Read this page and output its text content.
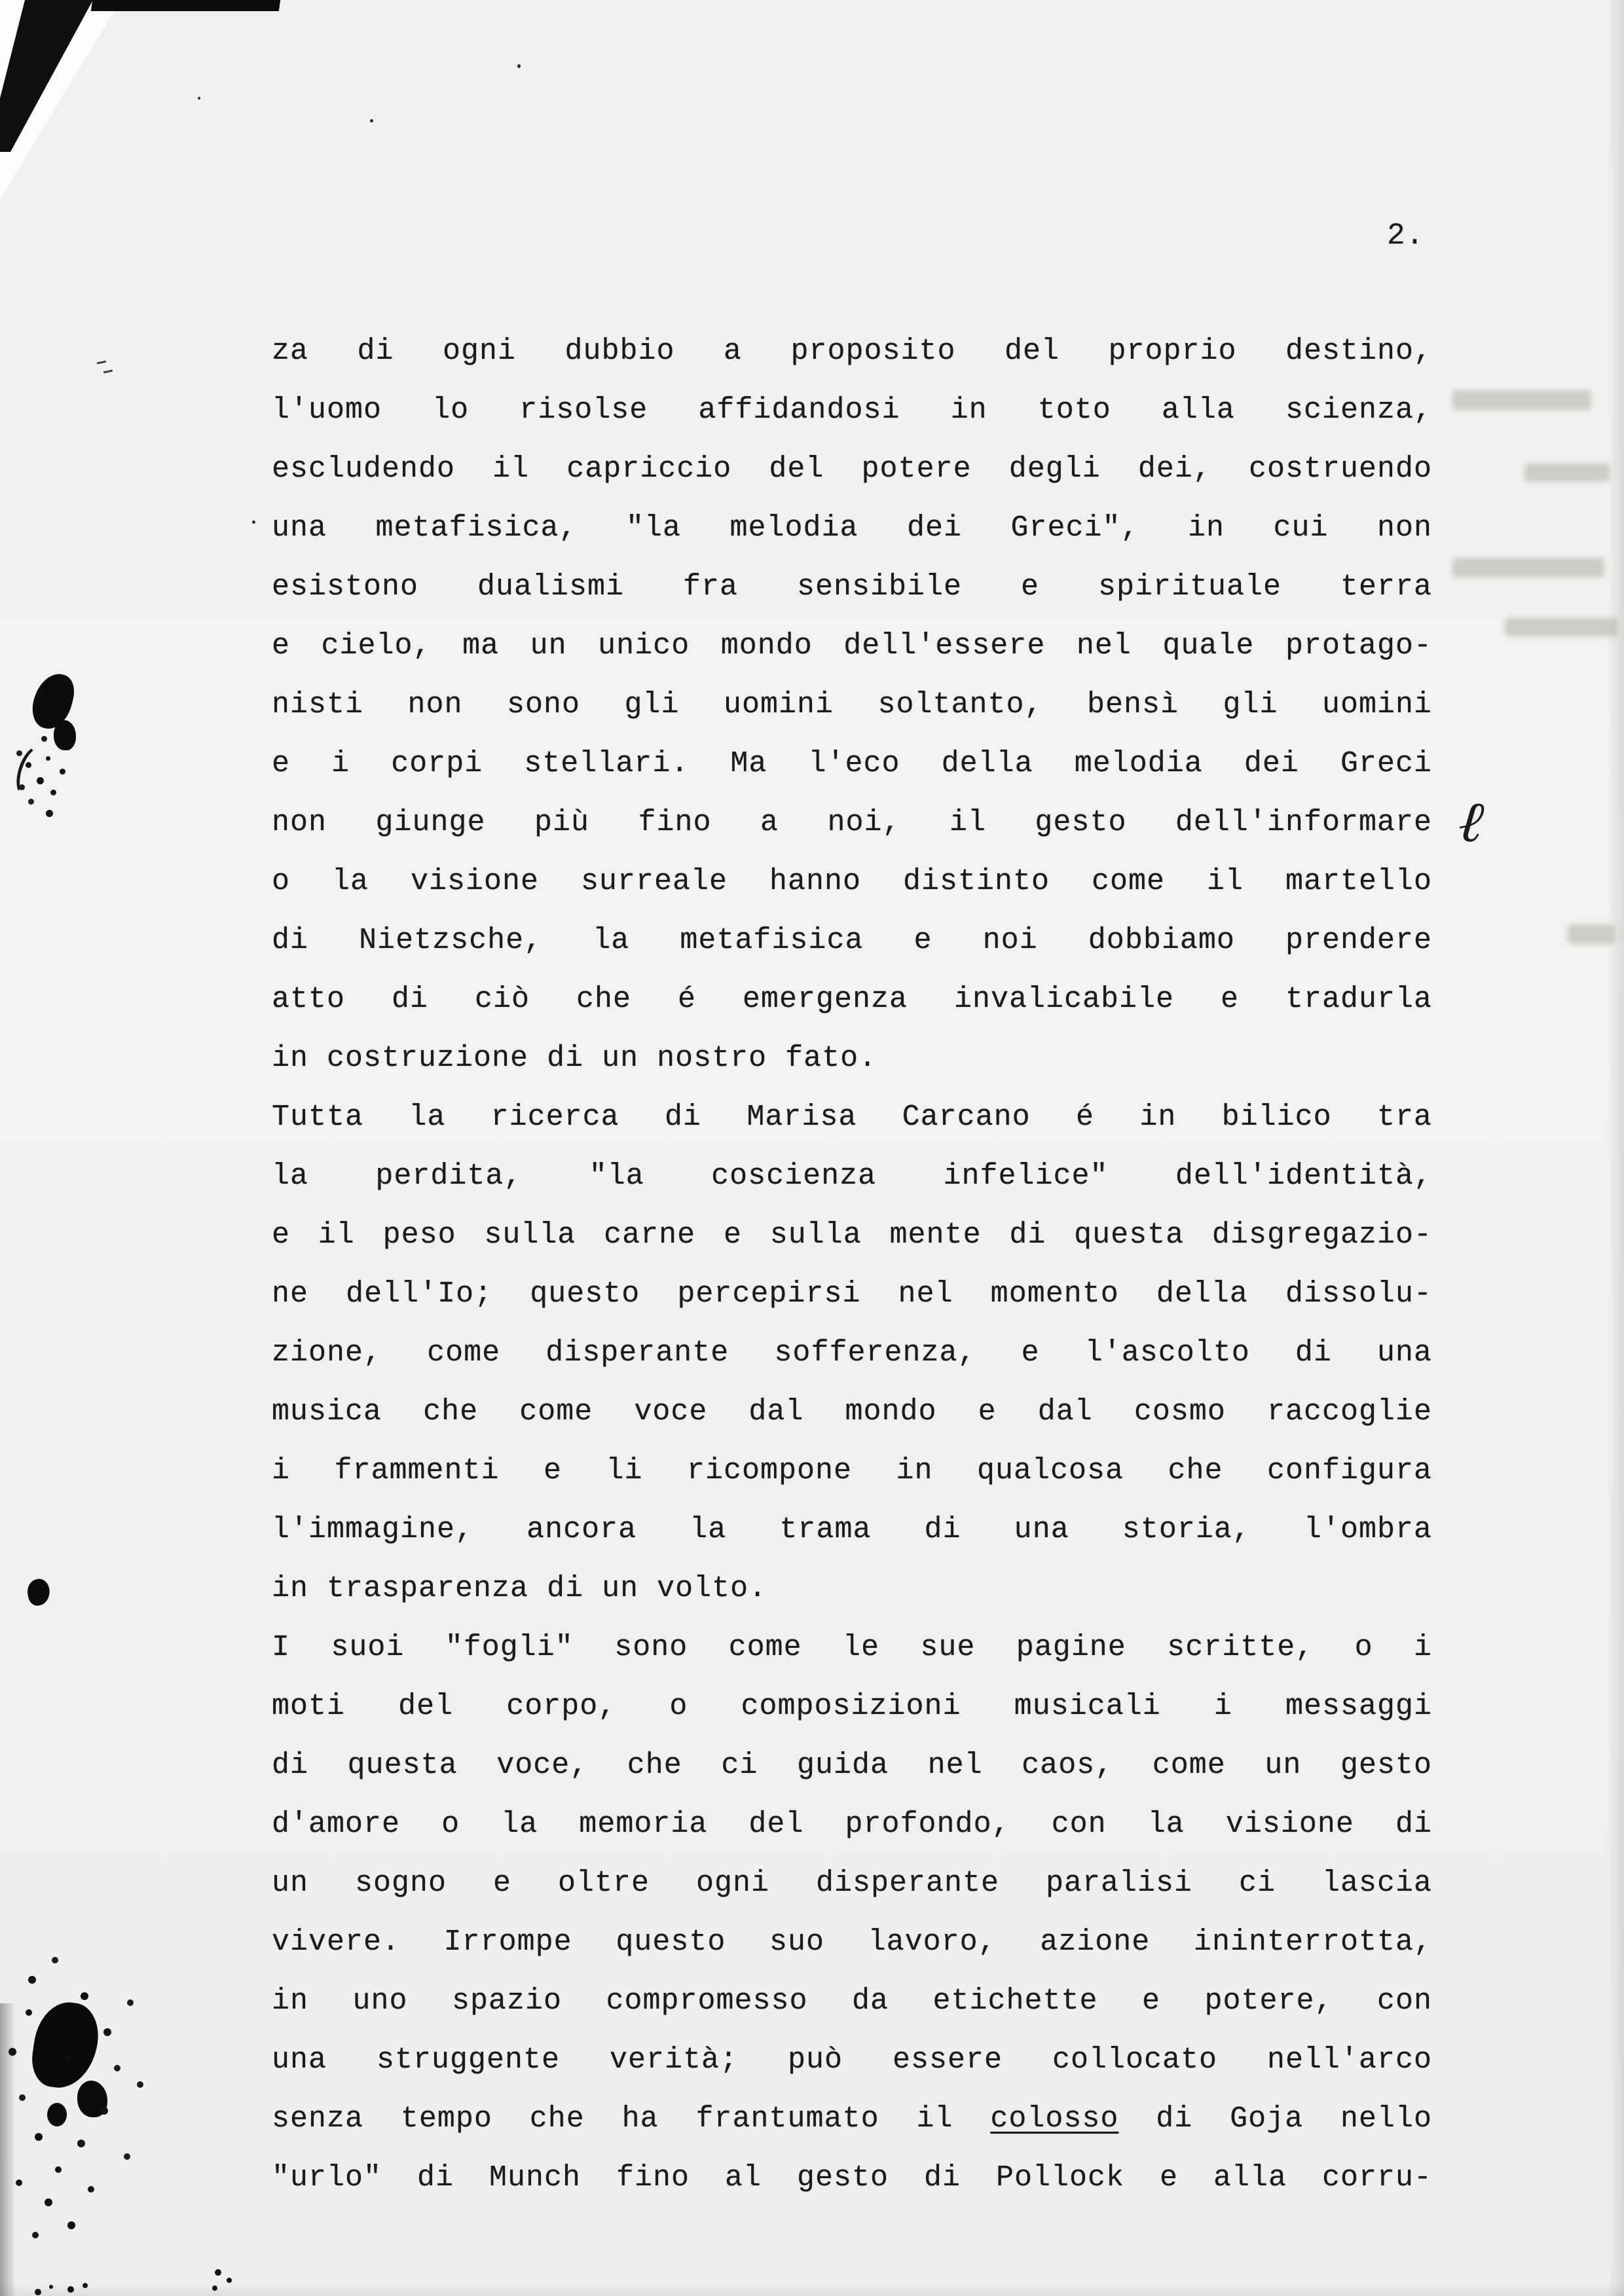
2.
za di ogni dubbio a proposito del proprio destino,
l'uomo lo risolse affidandosi in toto alla scienza,
escludendo il capriccio del potere degli dei, costruendo
una metafisica, "la melodia dei Greci", in cui non
esistono dualismi fra sensibile e spirituale terra
e cielo, ma un unico mondo dell'essere nel quale protago-
nisti non sono gli uomini soltanto, bensì gli uomini
e i corpi stellari. Ma l'eco della melodia dei Greci
non giunge più fino a noi, il gesto dell'informare
o la visione surreale hanno distinto come il martello
di Nietzsche, la metafisica e noi dobbiamo prendere
atto di ciò che é emergenza invalicabile e tradurla
in costruzione di un nostro fato.
Tutta la ricerca di Marisa Carcano é in bilico tra
la perdita, "la coscienza infelice" dell'identità,
e il peso sulla carne e sulla mente di questa disgregazio-
ne dell'Io; questo percepirsi nel momento della dissolu-
zione, come disperante sofferenza, e l'ascolto di una
musica che come voce dal mondo e dal cosmo raccoglie
i frammenti e li ricompone in qualcosa che configura
l'immagine, ancora la trama di una storia, l'ombra
in trasparenza di un volto.
I suoi "fogli" sono come le sue pagine scritte, o i
moti del corpo, o composizioni musicali i messaggi
di questa voce, che ci guida nel caos, come un gesto
d'amore o la memoria del profondo, con la visione di
un sogno e oltre ogni disperante paralisi ci lascia
vivere. Irrompe questo suo lavoro, azione ininterrotta,
in uno spazio compromesso da etichette e potere, con
una struggente verità; può essere collocato nell'arco
senza tempo che ha frantumato il colosso di Goja nello
"urlo" di Munch fino al gesto di Pollock e alla corru-
ℓ
